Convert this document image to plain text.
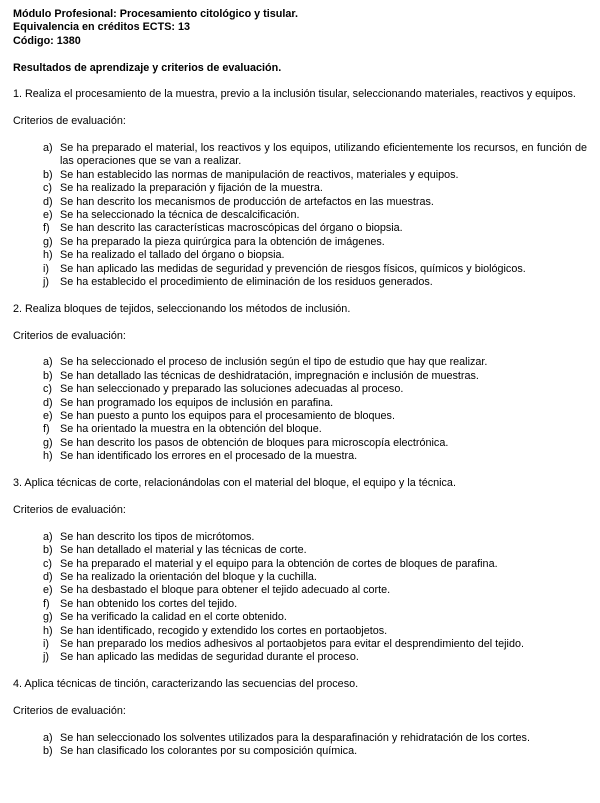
Módulo Profesional: Procesamiento citológico y tisular.

Equivalencia en créditos ECTS: 13

Código: 1380

Resultados de aprendizaje y criterios de evaluación.

1. Realiza el procesamiento de la muestra, previo a la inclusión tisular, seleccionando materiales, reactivos y equipos.

Criterios de evaluación:

a) Se ha preparado el material, los reactivos y los equipos, utilizando eficientemente los recursos, en función de las operaciones que se van a realizar.
b) Se han establecido las normas de manipulación de reactivos, materiales y equipos.
c) Se ha realizado la preparación y fijación de la muestra.
d) Se han descrito los mecanismos de producción de artefactos en las muestras.
e) Se ha seleccionado la técnica de descalcificación.
f) Se han descrito las características macroscópicas del órgano o biopsia.
g) Se ha preparado la pieza quirúrgica para la obtención de imágenes.
h) Se ha realizado el tallado del órgano o biopsia.
i)	Se han aplicado las medidas de seguridad y prevención de riesgos físicos, químicos y biológicos.
j)	Se ha establecido el procedimiento de eliminación de los residuos generados.

2. Realiza bloques de tejidos, seleccionando los métodos de inclusión.

Criterios de evaluación:

a) Se ha seleccionado el proceso de inclusión según el tipo de estudio que hay que realizar.
b) Se han detallado las técnicas de deshidratación, impregnación e inclusión de muestras.
c) Se han seleccionado y preparado las soluciones adecuadas al proceso.
d) Se han programado los equipos de inclusión en parafina.
e) Se han puesto a punto los equipos para el procesamiento de bloques.
f) Se ha orientado la muestra en la obtención del bloque.
g) Se han descrito los pasos de obtención de bloques para microscopía electrónica.
h) Se han identificado los errores en el procesado de la muestra.

3. Aplica técnicas de corte, relacionándolas con el material del bloque, el equipo y la técnica.

Criterios de evaluación:

a) Se han descrito los tipos de micrótomos.
b) Se han detallado el material y las técnicas de corte.
c) Se ha preparado el material y el equipo para la obtención de cortes de bloques de parafina.
d) Se ha realizado la orientación del bloque y la cuchilla.
e) Se ha desbastado el bloque para obtener el tejido adecuado al corte.
f) Se han obtenido los cortes del tejido.
g) Se ha verificado la calidad en el corte obtenido.
h) Se han identificado, recogido y extendido los cortes en portaobjetos.
i)	Se han preparado los medios adhesivos al portaobjetos para evitar el desprendimiento del tejido.
j)	Se han aplicado las medidas de seguridad durante el proceso.

4. Aplica técnicas de tinción, caracterizando las secuencias del proceso.

Criterios de evaluación:

a) Se han seleccionado los solventes utilizados para la desparafinación y rehidratación de los cortes.
b) Se han clasificado los colorantes por su composición química.
